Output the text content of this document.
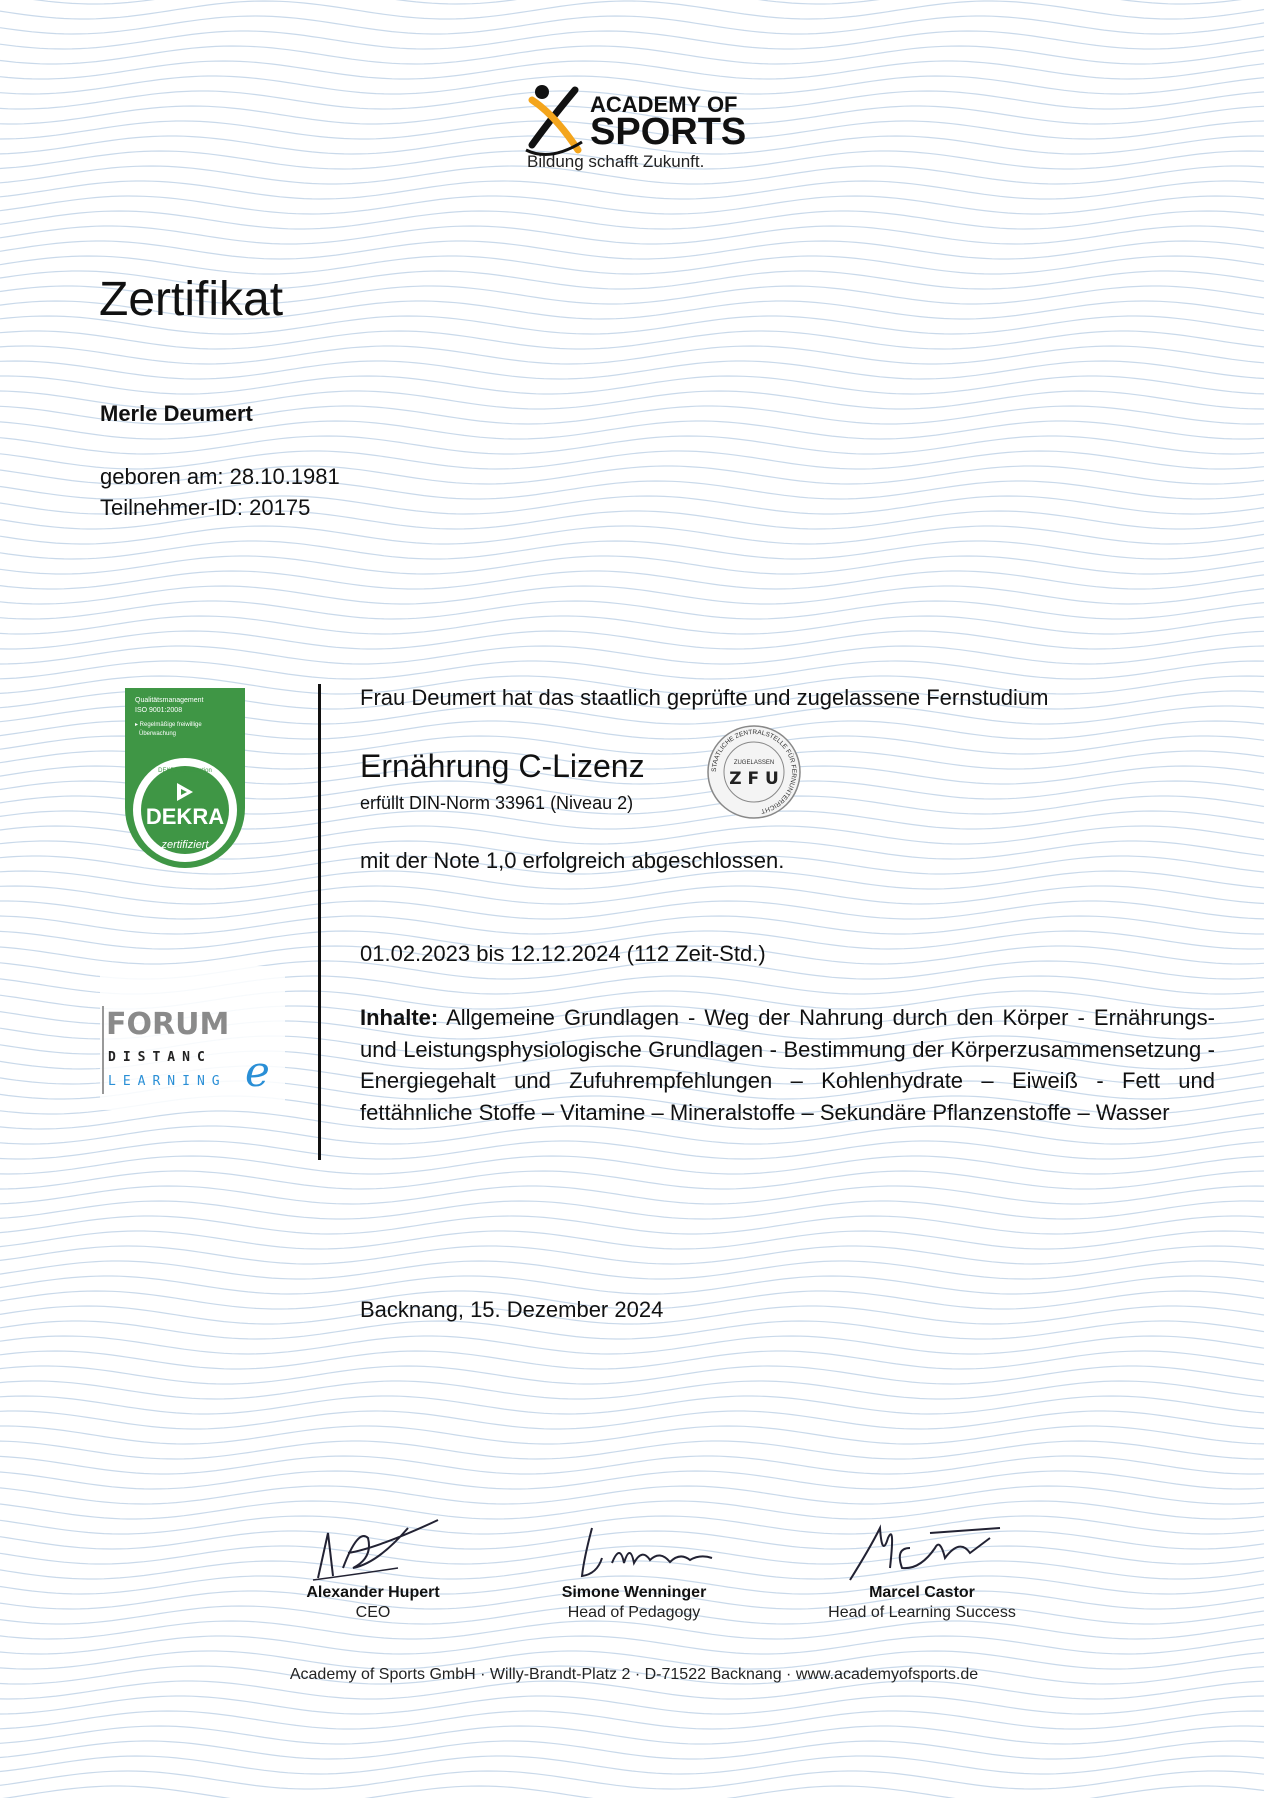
ACADEMY OF
SPORTS
Bildung schafft Zukunft.
Zertifikat
Merle Deumert
geboren am: 28.10.1981
Teilnehmer-ID: 20175
Qualitätsmanagement
ISO 9001:2008
▸ Regelmäßige freiwillige
Überwachung
DEKRA Certification
DEKRA
zertifiziert
FORUM
DISTANC
LEARNING e
Frau Deumert hat das staatlich geprüfte und zugelassene Fernstudium
Ernährung C-Lizenz
erfüllt DIN-Norm 33961 (Niveau 2)
STAATLICHE ZENTRALSTELLE FÜR FERNUNTERRICHT
ZUGELASSEN
Z F U
mit der Note 1,0 erfolgreich abgeschlossen.
01.02.2023 bis 12.12.2024 (112 Zeit-Std.)
Inhalte: Allgemeine Grundlagen - Weg der Nahrung durch den Körper - Ernährungs- und Leistungsphysiologische Grundlagen - Bestimmung der Körperzusammensetzung - Energiegehalt und Zufuhrempfehlungen – Kohlenhydrate – Eiweiß - Fett und fettähnliche Stoffe – Vitamine – Mineralstoffe – Sekundäre Pflanzenstoffe – Wasser
Backnang, 15. Dezember 2024
Alexander Hupert
CEO
Simone Wenninger
Head of Pedagogy
Marcel Castor
Head of Learning Success
Academy of Sports GmbH · Willy-Brandt-Platz 2 · D-71522 Backnang · www.academyofsports.de
